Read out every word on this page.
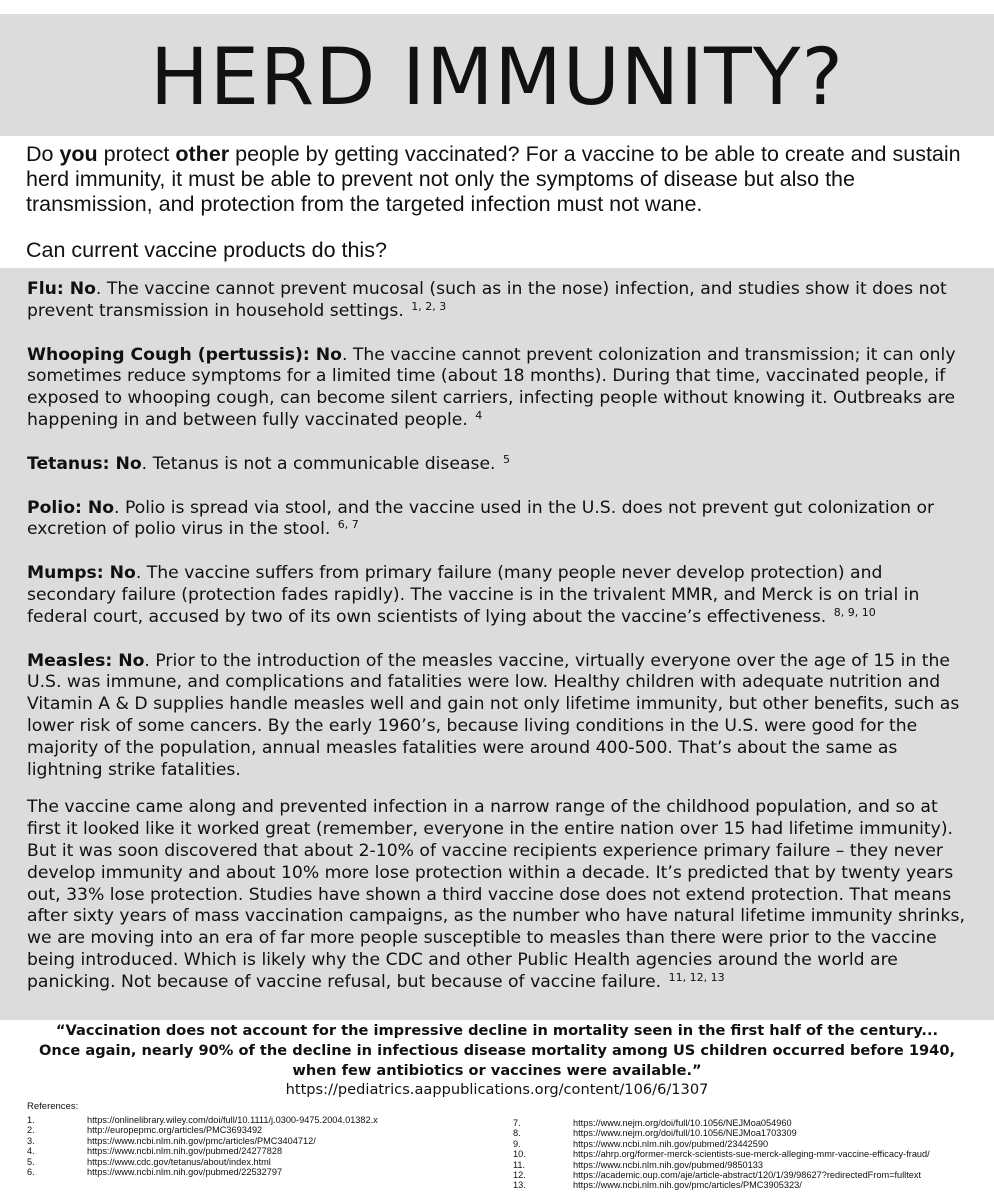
HERD IMMUNITY?
Do you protect other people by getting vaccinated? For a vaccine to be able to create and sustain herd immunity, it must be able to prevent not only the symptoms of disease but also the transmission, and protection from the targeted infection must not wane.
Can current vaccine products do this?

Flu: No. The vaccine cannot prevent mucosal (such as in the nose) infection, and studies show it does not prevent transmission in household settings. $^{1, 2, 3}$

Whooping Cough (pertussis): No. The vaccine cannot prevent colonization and transmission; it can only sometimes reduce symptoms for a limited time (about 18 months). During that time, vaccinated people, if exposed to whooping cough, can become silent carriers, infecting people without knowing it. Outbreaks are happening in and between fully vaccinated people. $^4$

Tetanus: No. Tetanus is not a communicable disease. $^5$

Polio: No. Polio is spread via stool, and the vaccine used in the U.S. does not prevent gut colonization or excretion of polio virus in the stool. $^{6, 7}$

Mumps: No. The vaccine suffers from primary failure (many people never develop protection) and secondary failure (protection fades rapidly). The vaccine is in the trivalent MMR, and Merck is on trial in federal court, accused by two of its own scientists of lying about the vaccine’s effectiveness. $^{8, 9, 10}$

Measles: No. Prior to the introduction of the measles vaccine, virtually everyone over the age of 15 in the U.S. was immune, and complications and fatalities were low. Healthy children with adequate nutrition and Vitamin A & D supplies handle measles well and gain not only lifetime immunity, but other benefits, such as lower risk of some cancers. By the early 1960’s, because living conditions in the U.S. were good for the majority of the population, annual measles fatalities were around 400-500. That’s about the same as lightning strike fatalities.

The vaccine came along and prevented infection in a narrow range of the childhood population, and so at first it looked like it worked great (remember, everyone in the entire nation over 15 had lifetime immunity). But it was soon discovered that about 2-10% of vaccine recipients experience primary failure – they never develop immunity and about 10% more lose protection within a decade. It’s predicted that by twenty years out, 33% lose protection. Studies have shown a third vaccine dose does not extend protection. That means after sixty years of mass vaccination campaigns, as the number who have natural lifetime immunity shrinks, we are moving into an era of far more people susceptible to measles than there were prior to the vaccine being introduced. Which is likely why the CDC and other Public Health agencies around the world are panicking. Not because of vaccine refusal, but because of vaccine failure. $^{11, 12, 13}$

“Vaccination does not account for the impressive decline in mortality seen in the first half of the century...
Once again, nearly 90% of the decline in infectious disease mortality among US children occurred before 1940,
when few antibiotics or vaccines were available.”
https://pediatrics.aappublications.org/content/106/6/1307
References:
1.	https://onlinelibrary.wiley.com/doi/full/10.1111/j.0300-9475.2004.01382.x
2.	http://europepmc.org/articles/PMC3693492
3.	https://www.ncbi.nlm.nih.gov/pmc/articles/PMC3404712/
4.	https://www.ncbi.nlm.nih.gov/pubmed/24277828
5.	https://www.cdc.gov/tetanus/about/index.html
6.	https://www.ncbi.nlm.nih.gov/pubmed/22532797
7.	https://www.nejm.org/doi/full/10.1056/NEJMoa054960
8.	https://www.nejm.org/doi/full/10.1056/NEJMoa1703309
9.	https://www.ncbi.nlm.nih.gov/pubmed/23442590
10.	https://ahrp.org/former-merck-scientists-sue-merck-alleging-mmr-vaccine-efficacy-fraud/
11.	https://www.ncbi.nlm.nih.gov/pubmed/9850133
12.	https://academic.oup.com/aje/article-abstract/120/1/39/98627?redirectedFrom=fulltext
13.	https://www.ncbi.nlm.nih.gov/pmc/articles/PMC3905323/
